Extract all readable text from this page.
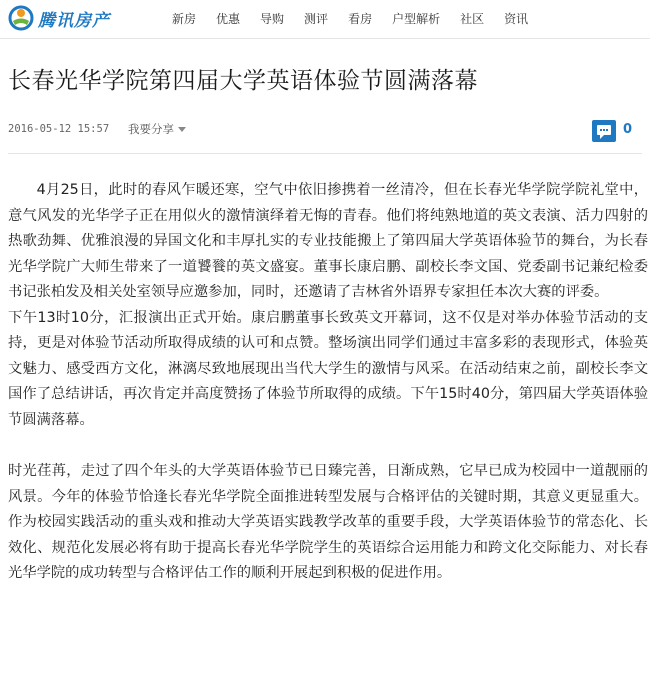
腾讯房产	新房 优惠 导购 测评 看房 户型解析 社区 资讯
长春光华学院第四届大学英语体验节圆满落幕
2016-05-12 15:57 我要分享	0

4月25日，此时的春风乍暖还寒，空气中依旧掺携着一丝清冷，但在长春光华学院学院礼堂中，意气风发的光华学子正在用似火的激情演绎着无悔的青春。他们将纯熟地道的英文表演、活力四射的热歌劲舞、优雅浪漫的异国文化和丰厚扎实的专业技能搬上了第四届大学英语体验节的舞台，为长春光华学院广大师生带来了一道饕餮的英文盛宴。董事长康启鹏、副校长李文国、党委副书记兼纪检委书记张柏发及相关处室领导应邀参加，同时，还邀请了吉林省外语界专家担任本次大赛的评委。

下午13时10分，汇报演出正式开始。康启鹏董事长致英文开幕词，这不仅是对举办体验节活动的支持，更是对体验节活动所取得成绩的认可和点赞。整场演出同学们通过丰富多彩的表现形式，体验英文魅力、感受西方文化，淋漓尽致地展现出当代大学生的激情与风采。在活动结束之前，副校长李文国作了总结讲话，再次肯定并高度赞扬了体验节所取得的成绩。下午15时40分，第四届大学英语体验节圆满落幕。

时光荏苒，走过了四个年头的大学英语体验节已日臻完善，日渐成熟，它早已成为校园中一道靓丽的风景。今年的体验节恰逢长春光华学院全面推进转型发展与合格评估的关键时期，其意义更显重大。作为校园实践活动的重头戏和推动大学英语实践教学改革的重要手段，大学英语体验节的常态化、长效化、规范化发展必将有助于提高长春光华学院学生的英语综合运用能力和跨文化交际能力、对长春光华学院的成功转型与合格评估工作的顺利开展起到积极的促进作用。
